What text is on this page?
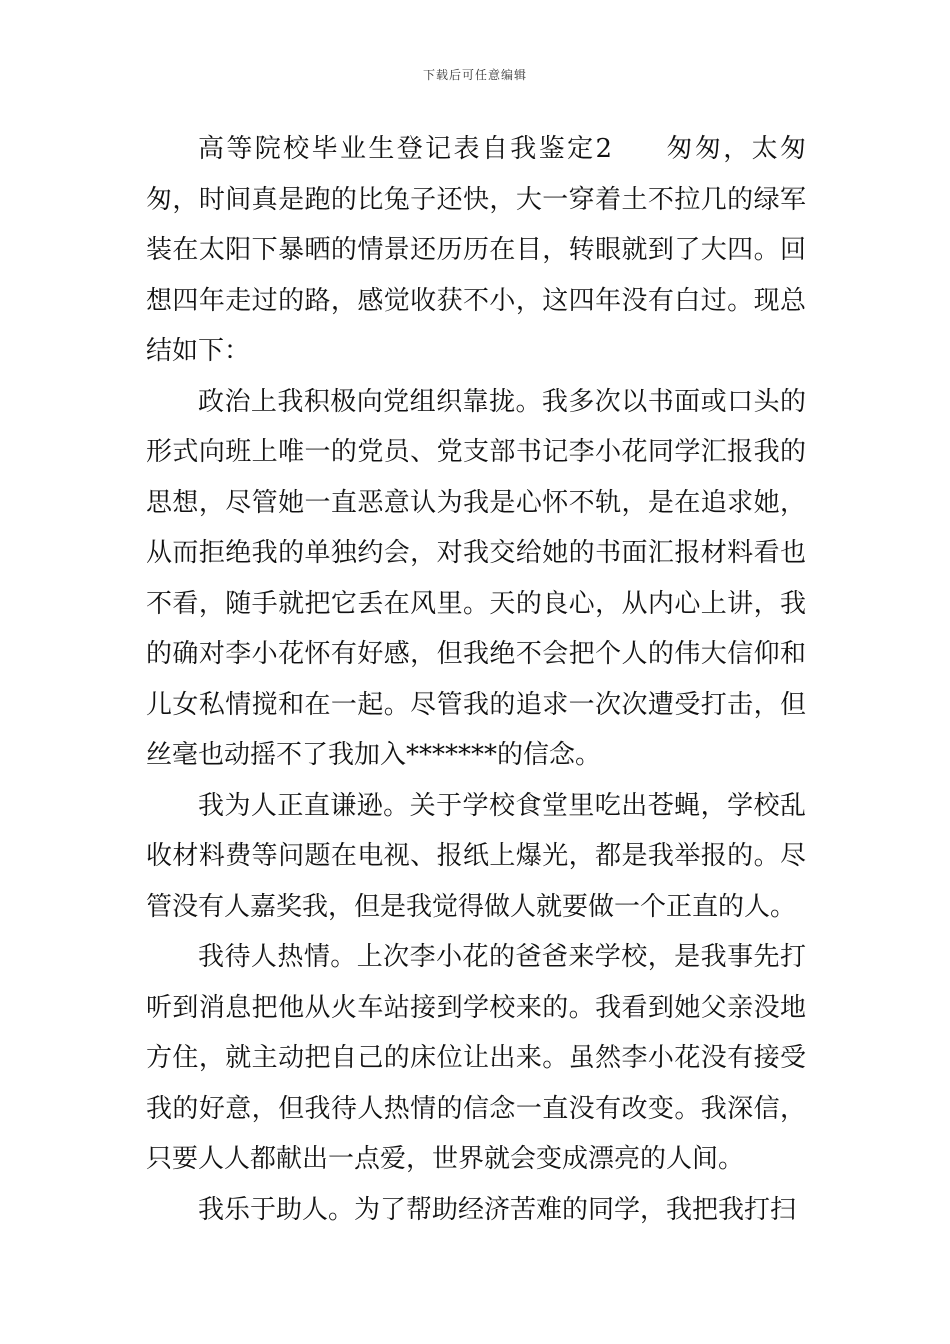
下载后可任意编辑

高等院校毕业生登记表自我鉴定2 匆匆，太匆匆，时间真是跑的比兔子还快，大一穿着土不拉几的绿军装在太阳下暴晒的情景还历历在目，转眼就到了大四。回想四年走过的路，感觉收获不小，这四年没有白过。现总结如下：

政治上我积极向党组织靠拢。我多次以书面或口头的形式向班上唯一的党员、党支部书记李小花同学汇报我的思想，尽管她一直恶意认为我是心怀不轨，是在追求她，从而拒绝我的单独约会，对我交给她的书面汇报材料看也不看，随手就把它丢在风里。天的良心，从内心上讲，我的确对李小花怀有好感，但我绝不会把个人的伟大信仰和儿女私情搅和在一起。尽管我的追求一次次遭受打击，但丝毫也动摇不了我加入*******的信念。

我为人正直谦逊。关于学校食堂里吃出苍蝇，学校乱收材料费等问题在电视、报纸上爆光，都是我举报的。尽管没有人嘉奖我，但是我觉得做人就要做一个正直的人。

我待人热情。上次李小花的爸爸来学校，是我事先打听到消息把他从火车站接到学校来的。我看到她父亲没地方住，就主动把自己的床位让出来。虽然李小花没有接受我的好意，但我待人热情的信念一直没有改变。我深信，只要人人都献出一点爱，世界就会变成漂亮的人间。

我乐于助人。为了帮助经济苦难的同学，我把我打扫
